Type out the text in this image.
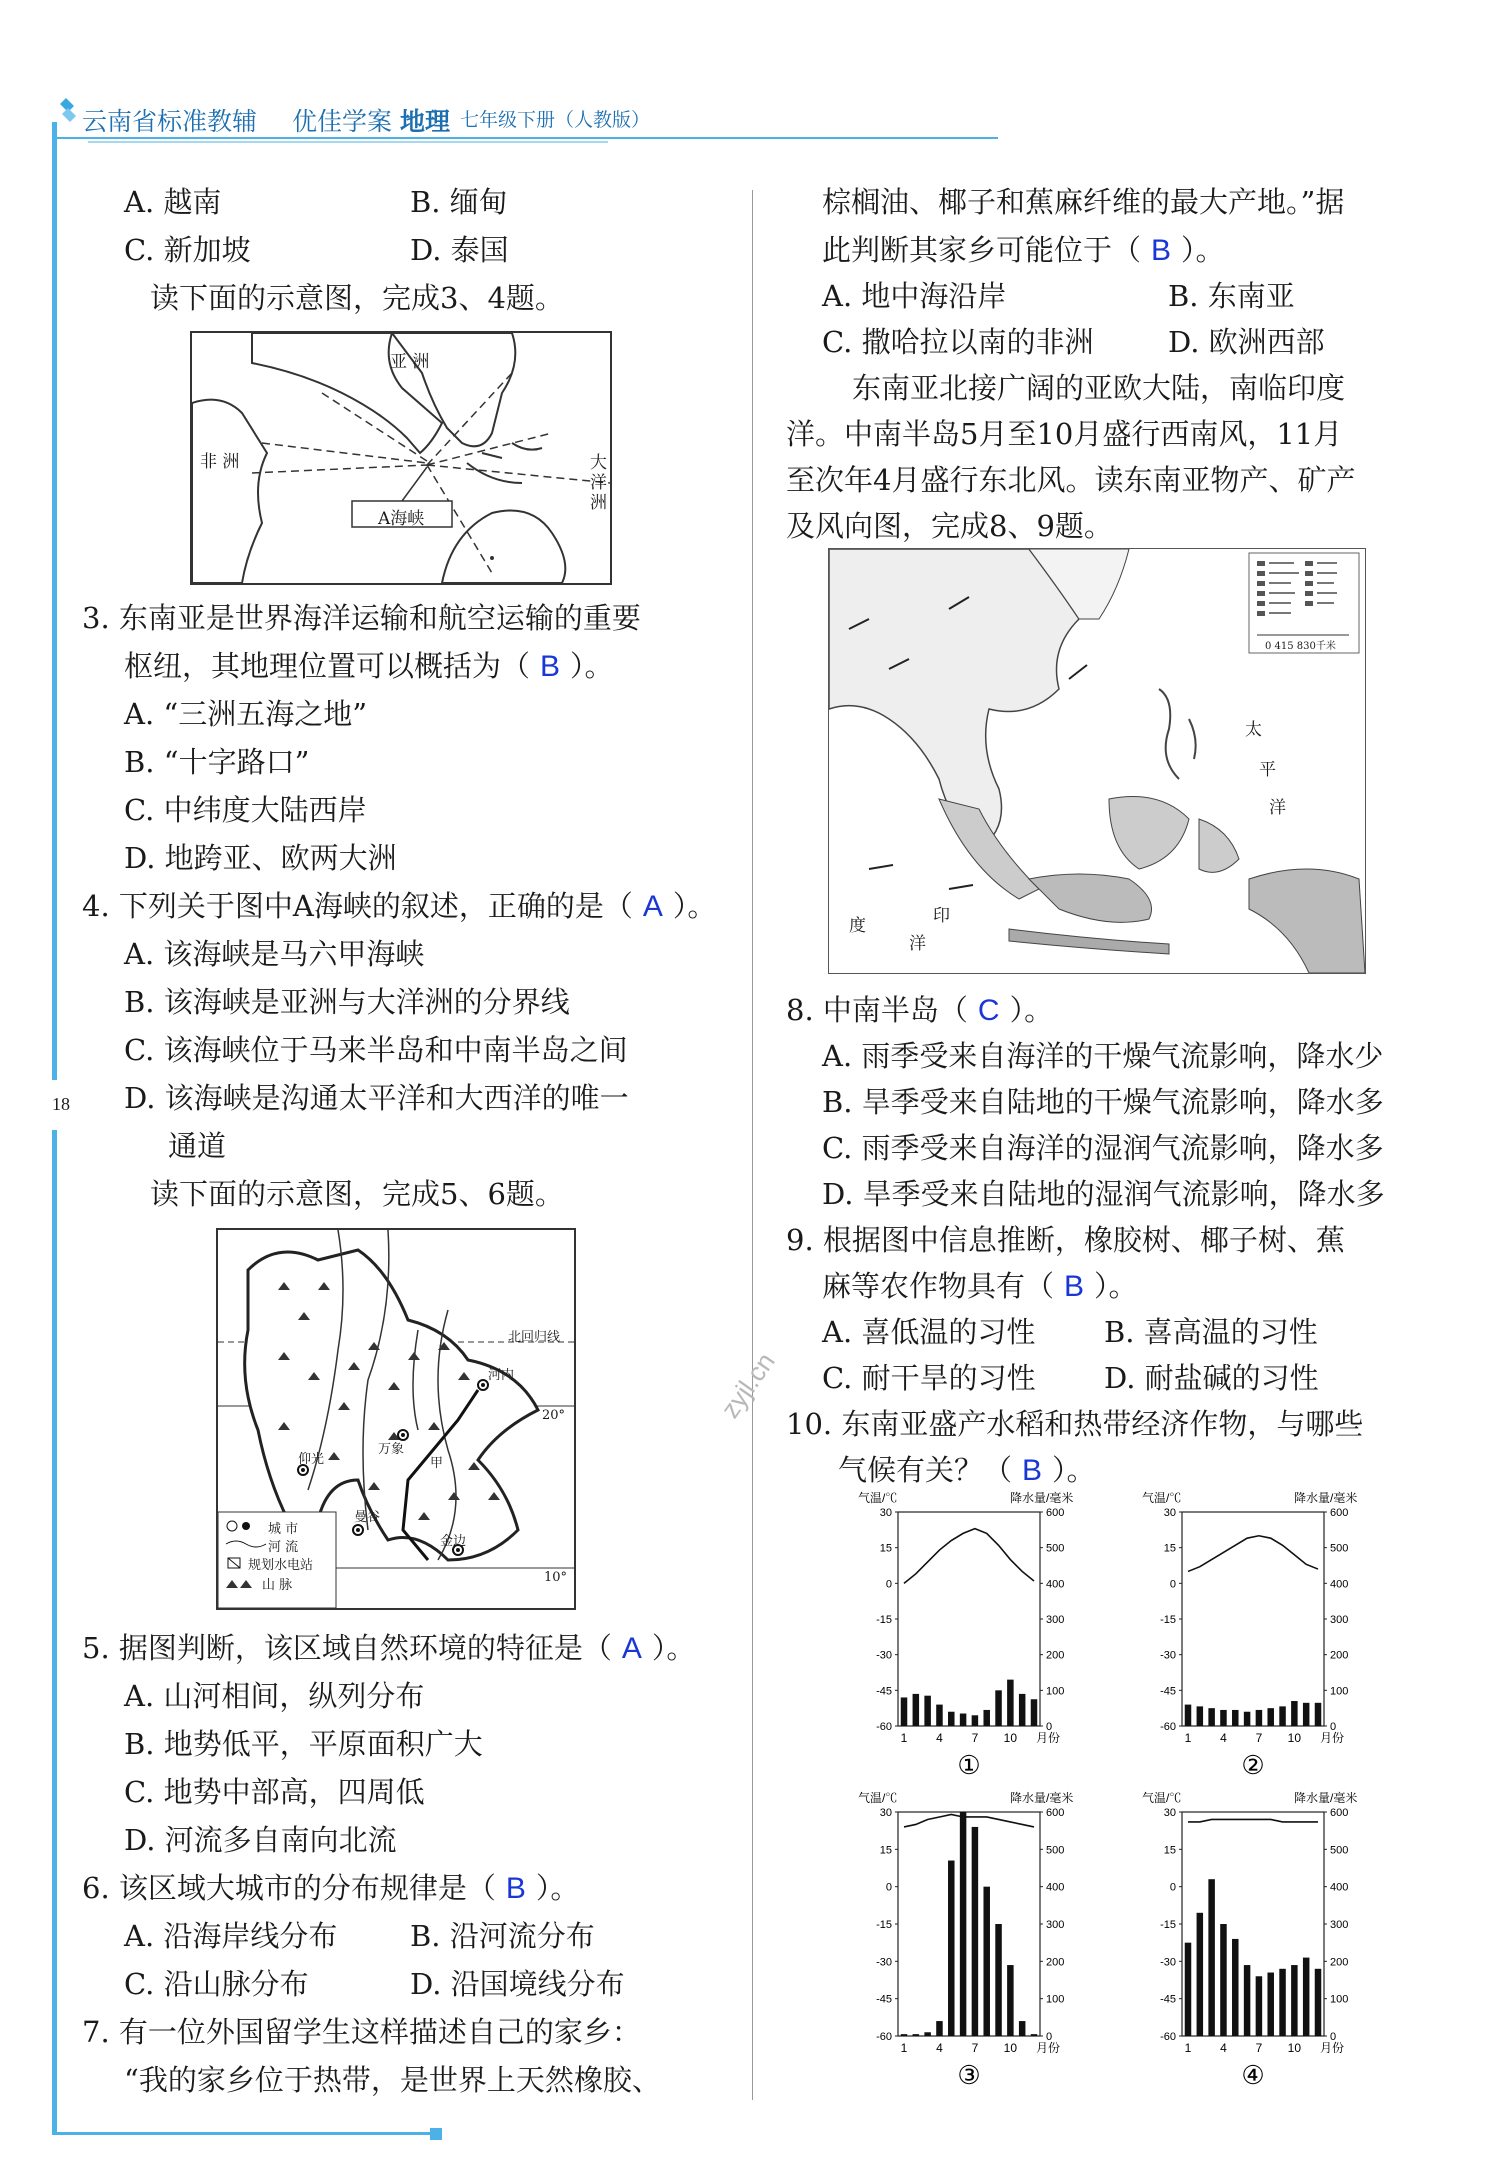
云南省标准教辅 优佳学案 地理 七年级下册（人教版）
18
A. 越南	B. 缅甸
C. 新加坡	D. 泰国
读下面的示意图，完成3、4题。
亚 洲
非 洲	大洋洲
A海峡
3. 东南亚是世界海洋运输和航空运输的重要
枢纽，其地理位置可以概括为（ B ）。
A. “三洲五海之地”
B. “十字路口”
C. 中纬度大陆西岸
D. 地跨亚、欧两大洲
4. 下列关于图中A海峡的叙述，正确的是（ A ）。
A. 该海峡是马六甲海峡
B. 该海峡是亚洲与大洋洲的分界线
C. 该海峡位于马来半岛和中南半岛之间
D. 该海峡是沟通太平洋和大西洋的唯一
通道
读下面的示意图，完成5、6题。
北回归线
20°
10°
河内
仰光
曼谷
万象
金边
甲
城 市
河 流
规划水电站
山 脉
5. 据图判断，该区域自然环境的特征是（ A ）。
A. 山河相间，纵列分布
B. 地势低平，平原面积广大
C. 地势中部高，四周低
D. 河流多自南向北流
6. 该区域大城市的分布规律是（ B ）。
A. 沿海岸线分布	B. 沿河流分布
C. 沿山脉分布	D. 沿国境线分布
7. 有一位外国留学生这样描述自己的家乡：
“我的家乡位于热带，是世界上天然橡胶、
棕榈油、椰子和蕉麻纤维的最大产地。”据
此判断其家乡可能位于（ B ）。
A. 地中海沿岸	B. 东南亚
C. 撒哈拉以南的非洲	D. 欧洲西部
东南亚北接广阔的亚欧大陆，南临印度
洋。中南半岛5月至10月盛行西南风，11月
至次年4月盛行东北风。读东南亚物产、矿产
及风向图，完成8、9题。
0 415 830千米
太
平
洋
印
度
洋
8. 中南半岛（ C ）。
A. 雨季受来自海洋的干燥气流影响，降水少
B. 旱季受来自陆地的干燥气流影响，降水多
C. 雨季受来自海洋的湿润气流影响，降水多
D. 旱季受来自陆地的湿润气流影响，降水多
9. 根据图中信息推断，橡胶树、椰子树、蕉
麻等农作物具有（ B ）。
A. 喜低温的习性 B. 喜高温的习性
C. 耐干旱的习性 D. 耐盐碱的习性
10. 东南亚盛产水稻和热带经济作物，与哪些
气候有关？（ B ）。
zyjl.cn
气温/℃	降水量/毫米
30
15
0
-15
-30
-45
-60
600
500
400
300
200
100
0
1 4 7 10 月份
①
气温/℃	降水量/毫米
30
15
0
-15
-30
-45
-60
600
500
400
300
200
100
0
1 4 7 10 月份
②
气温/℃	降水量/毫米
30
15
0
-15
-30
-45
-60
600
500
400
300
200
100
0
1 4 7 10 月份
③
气温/℃	降水量/毫米
30
15
0
-15
-30
-45
-60
600
500
400
300
200
100
0
1 4 7 10 月份
④
